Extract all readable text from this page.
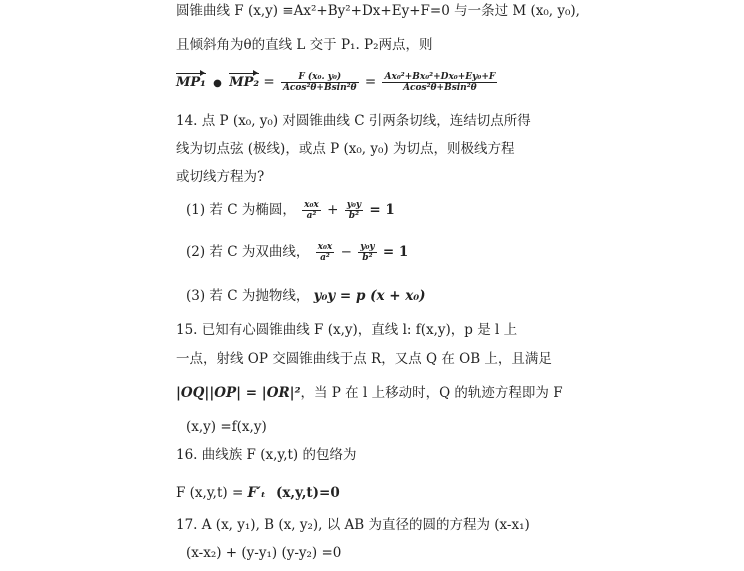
圆锥曲线 F (x,y) ≡Ax²+By²+Dx+Ey+F=0 与一条过 M (x₀, y₀),
且倾斜角为θ的直线 L 交于 P₁. P₂两点，则
MP₁ ● $MP_2 = \frac{\text{F (x₀. y₀)}}{\text{Acos²θ+Bsin²θ}} = \frac{\text{Ax₀²+Bx₀²+Dx₀+Ey₀+F}}{\text{Acos²θ+Bsin²θ}}$
14. 点 P (x₀, y₀) 对圆锥曲线 C 引两条切线，连结切点所得
线为切点弦 (极线)，或点 P (x₀, y₀) 为切点，则极线方程
或切线方程为?
(1) 若 C 为椭圆， $\frac{\text{x₀x}}{\text{a²}} + \frac{\text{y₀y}}{\text{b²}} = 1$
(2) 若 C 为双曲线， $\frac{\text{x₀x}}{\text{a²}} - \frac{\text{y₀y}}{\text{b²}} = 1$
(3) 若 C 为抛物线， y₀y = p (x + x₀)
15. 已知有心圆锥曲线 F (x,y)，直线 l: f(x,y)，p 是 l 上
一点，射线 OP 交圆锥曲线于点 R，又点 Q 在 OB 上，且满足
|OQ||OP| = |OR|²，当 P 在 l 上移动时，Q 的轨迹方程即为 F
(x,y) =f(x,y)
16. 曲线族 F (x,y,t) 的包络为
F (x,y,t) = F′ₜ (x,y,t)=0
17. A (x, y₁), B (x, y₂), 以 AB 为直径的圆的方程为 (x-x₁)
(x-x₂) + (y-y₁) (y-y₂) =0
